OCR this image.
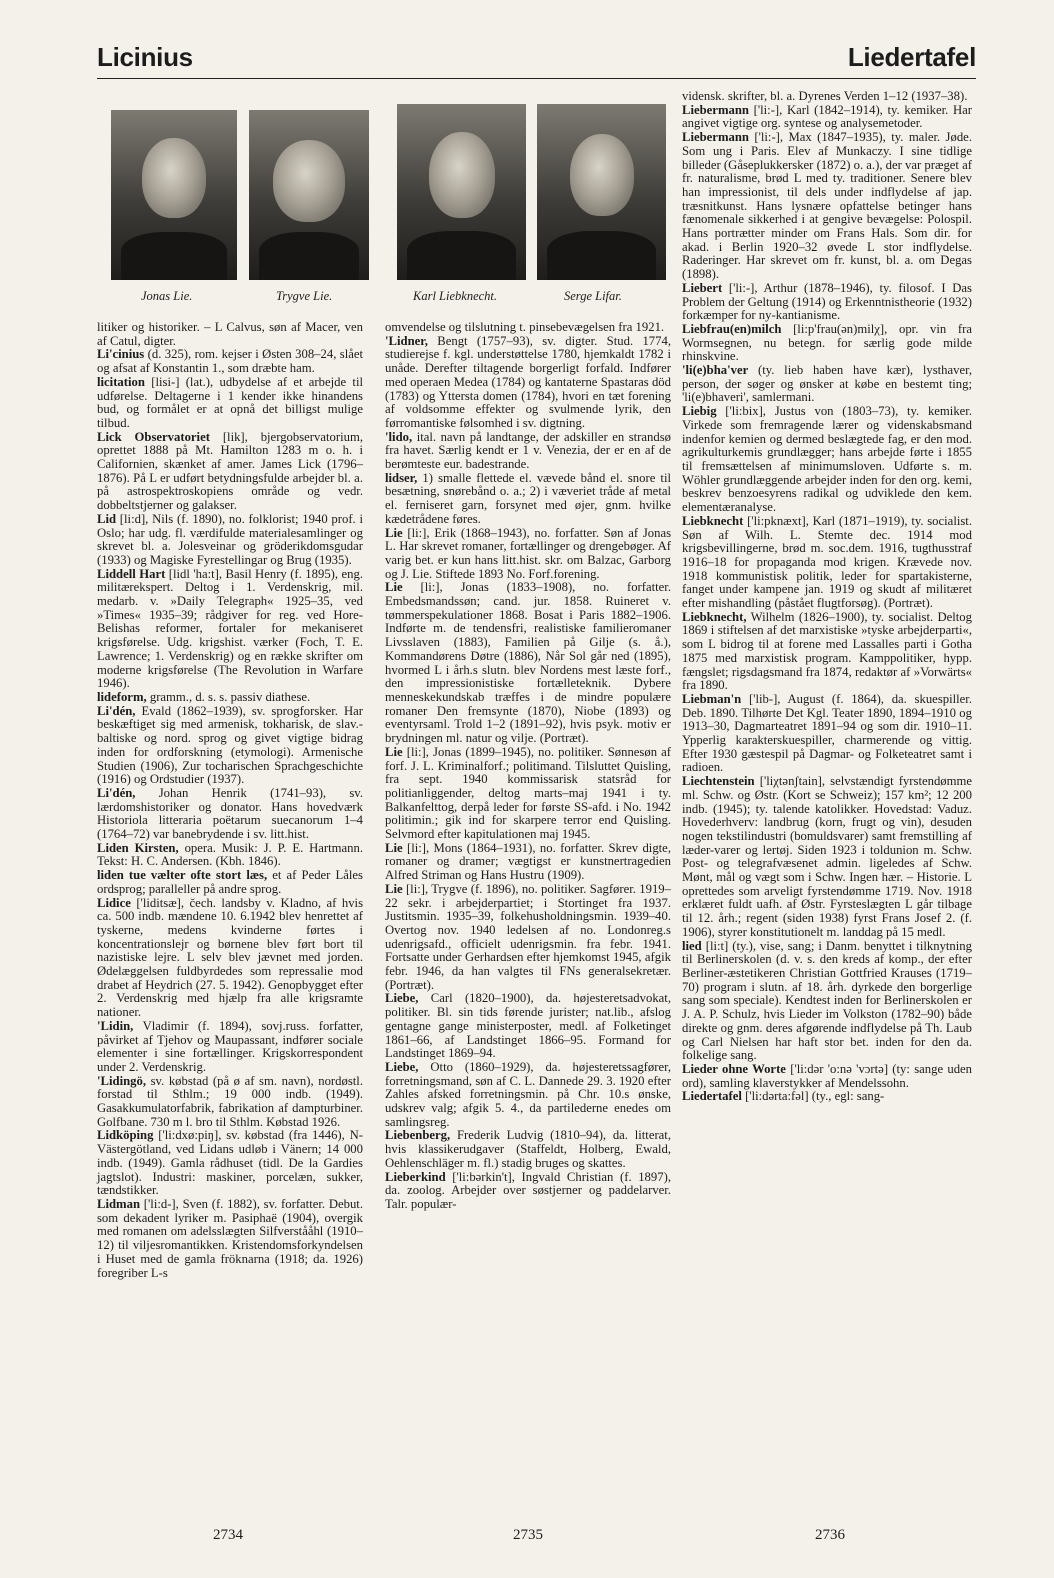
Licinius	Liedertafel
Jonas Lie.	Trygve Lie.	Karl Liebknecht.	Serge Lifar.

litiker og historiker. – L Calvus, søn af Macer, ven af Catul, digter.

Li'cinius (d. 325), rom. kejser i Østen 308–24, slået og afsat af Konstantin 1., som dræbte ham.

licitation [lisi-] (lat.), udbydelse af et arbejde til udførelse. Deltagerne i 1 kender ikke hinandens bud, og formålet er at opnå det billigst mulige tilbud.

Lick Observatoriet [lik], bjergobservatorium, oprettet 1888 på Mt. Hamilton 1283 m o. h. i Californien, skænket af amer. James Lick (1796–1876). På L er udført betydningsfulde arbejder bl. a. på astrospektroskopiens område og vedr. dobbeltstjerner og galakser.

Lid [li:d], Nils (f. 1890), no. folklorist; 1940 prof. i Oslo; har udg. fl. værdifulde materialesamlinger og skrevet bl. a. Jolesveinar og gröderikdomsgudar (1933) og Magiske Fyrestellingar og Brug (1935).

Liddell Hart [lidl 'ha:t], Basil Henry (f. 1895), eng. militærekspert. Deltog i 1. Verdenskrig, mil. medarb. v. »Daily Telegraph« 1925–35, ved »Times« 1935–39; rådgiver for reg. ved Hore-Belishas reformer, fortaler for mekaniseret krigsførelse. Udg. krigshist. værker (Foch, T. E. Lawrence; 1. Verdenskrig) og en række skrifter om moderne krigsførelse (The Revolution in Warfare 1946).

lideform, gramm., d. s. s. passiv diathese.

Li'dén, Evald (1862–1939), sv. sprogforsker. Har beskæftiget sig med armenisk, tokharisk, de slav.-baltiske og nord. sprog og givet vigtige bidrag inden for ordforskning (etymologi). Armenische Studien (1906), Zur tocharischen Sprachgeschichte (1916) og Ordstudier (1937).

Li'dén, Johan Henrik (1741–93), sv. lærdomshistoriker og donator. Hans hovedværk Historiola litteraria poëtarum suecanorum 1–4 (1764–72) var banebrydende i sv. litt.hist.

Liden Kirsten, opera. Musik: J. P. E. Hartmann. Tekst: H. C. Andersen. (Kbh. 1846).

liden tue vælter ofte stort læs, et af Peder Låles ordsprog; paralleller på andre sprog.

Lidice ['liditsæ], čech. landsby v. Kladno, af hvis ca. 500 indb. mændene 10. 6.1942 blev henrettet af tyskerne, medens kvinderne førtes i koncentrationslejr og børnene blev ført bort til nazistiske lejre. L selv blev jævnet med jorden. Ødelæggelsen fuldbyrdedes som repressalie mod drabet af Heydrich (27. 5. 1942). Genopbygget efter 2. Verdenskrig med hjælp fra alle krigsramte nationer.

'Lidin, Vladimir (f. 1894), sovj.russ. forfatter, påvirket af Tjehov og Maupassant, indfører sociale elementer i sine fortællinger. Krigskorrespondent under 2. Verdenskrig.

'Lidingö, sv. købstad (på ø af sm. navn), nordøstl. forstad til Sthlm.; 19 000 indb. (1949). Gasakkumulatorfabrik, fabrikation af dampturbiner. Golfbane. 730 m l. bro til Sthlm. Købstad 1926.

Lidköping ['li:dxø:piŋ], sv. købstad (fra 1446), N-Västergötland, ved Lidans udløb i Vänern; 14 000 indb. (1949). Gamla rådhuset (tidl. De la Gardies jagtslot). Industri: maskiner, porcelæn, sukker, tændstikker.

Lidman ['li:d-], Sven (f. 1882), sv. forfatter. Debut. som dekadent lyriker m. Pasiphaë (1904), overgik med romanen om adelsslægten Silfverstååhl (1910–12) til viljesromantikken. Kristendomsforkyndelsen i Huset med de gamla fröknarna (1918; da. 1926) foregriber L-s

omvendelse og tilslutning t. pinsebevægelsen fra 1921.

'Lidner, Bengt (1757–93), sv. digter. Stud. 1774, studierejse f. kgl. understøttelse 1780, hjemkaldt 1782 i unåde. Derefter tiltagende borgerligt forfald. Indfører med operaen Medea (1784) og kantaterne Spastaras död (1783) og Yttersta domen (1784), hvori en tæt forening af voldsomme effekter og svulmende lyrik, den førromantiske følsomhed i sv. digtning.

'lido, ital. navn på landtange, der adskiller en strandsø fra havet. Særlig kendt er 1 v. Venezia, der er en af de berømteste eur. badestrande.

lidser, 1) smalle flettede el. vævede bånd el. snore til besætning, snørebånd o. a.; 2) i væveriet tråde af metal el. ferniseret garn, forsynet med øjer, gnm. hvilke kædetrådene føres.

Lie [li:], Erik (1868–1943), no. forfatter. Søn af Jonas L. Har skrevet romaner, fortællinger og drengebøger. Af varig bet. er kun hans litt.hist. skr. om Balzac, Garborg og J. Lie. Stiftede 1893 No. Forf.forening.

Lie [li:], Jonas (1833–1908), no. forfatter. Embedsmandssøn; cand. jur. 1858. Ruineret v. tømmerspekulationer 1868. Bosat i Paris 1882–1906. Indførte m. de tendensfri, realistiske familieromaner Livsslaven (1883), Familien på Gilje (s. å.), Kommandørens Døtre (1886), Når Sol går ned (1895), hvormed L i årh.s slutn. blev Nordens mest læste forf., den impressionistiske fortælleteknik. Dybere menneskekundskab træffes i de mindre populære romaner Den fremsynte (1870), Niobe (1893) og eventyrsaml. Trold 1–2 (1891–92), hvis psyk. motiv er brydningen ml. natur og vilje. (Portræt).

Lie [li:], Jonas (1899–1945), no. politiker. Sønnesøn af forf. J. L. Kriminalforf.; politimand. Tilsluttet Quisling, fra sept. 1940 kommissarisk statsråd for politianliggender, deltog marts–maj 1941 i ty. Balkanfelttog, derpå leder for første SS-afd. i No. 1942 politimin.; gik ind for skarpere terror end Quisling. Selvmord efter kapitulationen maj 1945.

Lie [li:], Mons (1864–1931), no. forfatter. Skrev digte, romaner og dramer; vægtigst er kunstnertragedien Alfred Striman og Hans Hustru (1909).

Lie [li:], Trygve (f. 1896), no. politiker. Sagfører. 1919–22 sekr. i arbejderpartiet; i Stortinget fra 1937. Justitsmin. 1935–39, folkehusholdningsmin. 1939–40. Overtog nov. 1940 ledelsen af no. Londonreg.s udenrigsafd., officielt udenrigsmin. fra febr. 1941. Fortsatte under Gerhardsen efter hjemkomst 1945, afgik febr. 1946, da han valgtes til FNs generalsekretær. (Portræt).

Liebe, Carl (1820–1900), da. højesteretsadvokat, politiker. Bl. sin tids førende jurister; nat.lib., afslog gentagne gange ministerposter, medl. af Folketinget 1861–66, af Landstinget 1866–95. Formand for Landstinget 1869–94.

Liebe, Otto (1860–1929), da. højesteretssagfører, forretningsmand, søn af C. L. Dannede 29. 3. 1920 efter Zahles afsked forretningsmin. på Chr. 10.s ønske, udskrev valg; afgik 5. 4., da partilederne enedes om samlingsreg.

Liebenberg, Frederik Ludvig (1810–94), da. litterat, hvis klassikerudgaver (Staffeldt, Holberg, Ewald, Oehlenschläger m. fl.) stadig bruges og skattes.

Lieberkind ['li:bərkin't], Ingvald Christian (f. 1897), da. zoolog. Arbejder over søstjerner og paddelarver. Talr. populær-

vidensk. skrifter, bl. a. Dyrenes Verden 1–12 (1937–38).

Liebermann ['li:-], Karl (1842–1914), ty. kemiker. Har angivet vigtige org. syntese og analysemetoder.

Liebermann ['li:-], Max (1847–1935), ty. maler. Jøde. Som ung i Paris. Elev af Munkaczy. I sine tidlige billeder (Gåseplukkersker (1872) o. a.), der var præget af fr. naturalisme, brød L med ty. traditioner. Senere blev han impressionist, til dels under indflydelse af jap. træsnitkunst. Hans lysnære opfattelse betinger hans fænomenale sikkerhed i at gengive bevægelse: Polospil. Hans portrætter minder om Frans Hals. Som dir. for akad. i Berlin 1920–32 øvede L stor indflydelse. Raderinger. Har skrevet om fr. kunst, bl. a. om Degas (1898).

Liebert ['li:-], Arthur (1878–1946), ty. filosof. I Das Problem der Geltung (1914) og Erkenntnistheorie (1932) forkæmper for ny-kantianisme.

Liebfrau(en)milch [li:p'frau(ən)milχ], opr. vin fra Wormsegnen, nu betegn. for særlig gode milde rhinskvine.

'li(e)bha'ver (ty. lieb haben have kær), lysthaver, person, der søger og ønsker at købe en bestemt ting; 'li(e)bhaveri', samlermani.

Liebig ['li:bix], Justus von (1803–73), ty. kemiker. Virkede som fremragende lærer og videnskabsmand indenfor kemien og dermed beslægtede fag, er den mod. agrikulturkemis grundlægger; hans arbejde førte i 1855 til fremsættelsen af minimumsloven. Udførte s. m. Wöhler grundlæggende arbejder inden for den org. kemi, beskrev benzoesyrens radikal og udviklede den kem. elementæranalyse.

Liebknecht ['li:pknæxt], Karl (1871–1919), ty. socialist. Søn af Wilh. L. Stemte dec. 1914 mod krigsbevillingerne, brød m. soc.dem. 1916, tugthusstraf 1916–18 for propaganda mod krigen. Krævede nov. 1918 kommunistisk politik, leder for spartakisterne, fanget under kampene jan. 1919 og skudt af militæret efter mishandling (påstået flugtforsøg). (Portræt).

Liebknecht, Wilhelm (1826–1900), ty. socialist. Deltog 1869 i stiftelsen af det marxistiske »tyske arbejderparti«, som L bidrog til at forene med Lassalles parti i Gotha 1875 med marxistisk program. Kamppolitiker, hypp. fængslet; rigsdagsmand fra 1874, redaktør af »Vorwärts« fra 1890.

Liebman'n ['lib-], August (f. 1864), da. skuespiller. Deb. 1890. Tilhørte Det Kgl. Teater 1890, 1894–1910 og 1913–30, Dagmarteatret 1891–94 og som dir. 1910–11. Ypperlig karakterskuespiller, charmerende og vittig. Efter 1930 gæstespil på Dagmar- og Folketeatret samt i radioen.

Liechtenstein ['liχtənʃtain], selvstændigt fyrstendømme ml. Schw. og Østr. (Kort se Schweiz); 157 km²; 12 200 indb. (1945); ty. talende katolikker. Hovedstad: Vaduz. Hovederhverv: landbrug (korn, frugt og vin), desuden nogen tekstilindustri (bomuldsvarer) samt fremstilling af læder-varer og lertøj. Siden 1923 i toldunion m. Schw. Post- og telegrafvæsenet admin. ligeledes af Schw. Mønt, mål og vægt som i Schw. Ingen hær. – Historie. L oprettedes som arveligt fyrstendømme 1719. Nov. 1918 erklæret fuldt uafh. af Østr. Fyrsteslægten L går tilbage til 12. årh.; regent (siden 1938) fyrst Frans Josef 2. (f. 1906), styrer konstitutionelt m. landdag på 15 medl.

lied [li:t] (ty.), vise, sang; i Danm. benyttet i tilknytning til Berlinerskolen (d. v. s. den kreds af komp., der efter Berliner-æstetikeren Christian Gottfried Krauses (1719–70) program i slutn. af 18. årh. dyrkede den borgerlige sang som speciale). Kendtest inden for Berlinerskolen er J. A. P. Schulz, hvis Lieder im Volkston (1782–90) både direkte og gnm. deres afgørende indflydelse på Th. Laub og Carl Nielsen har haft stor bet. inden for den da. folkelige sang.

Lieder ohne Worte ['li:dər 'o:nə 'vɔrtə] (ty: sange uden ord), samling klaverstykker af Mendelssohn.

Liedertafel ['li:dərta:fəl] (ty., egl: sang-

2734	2735	2736
